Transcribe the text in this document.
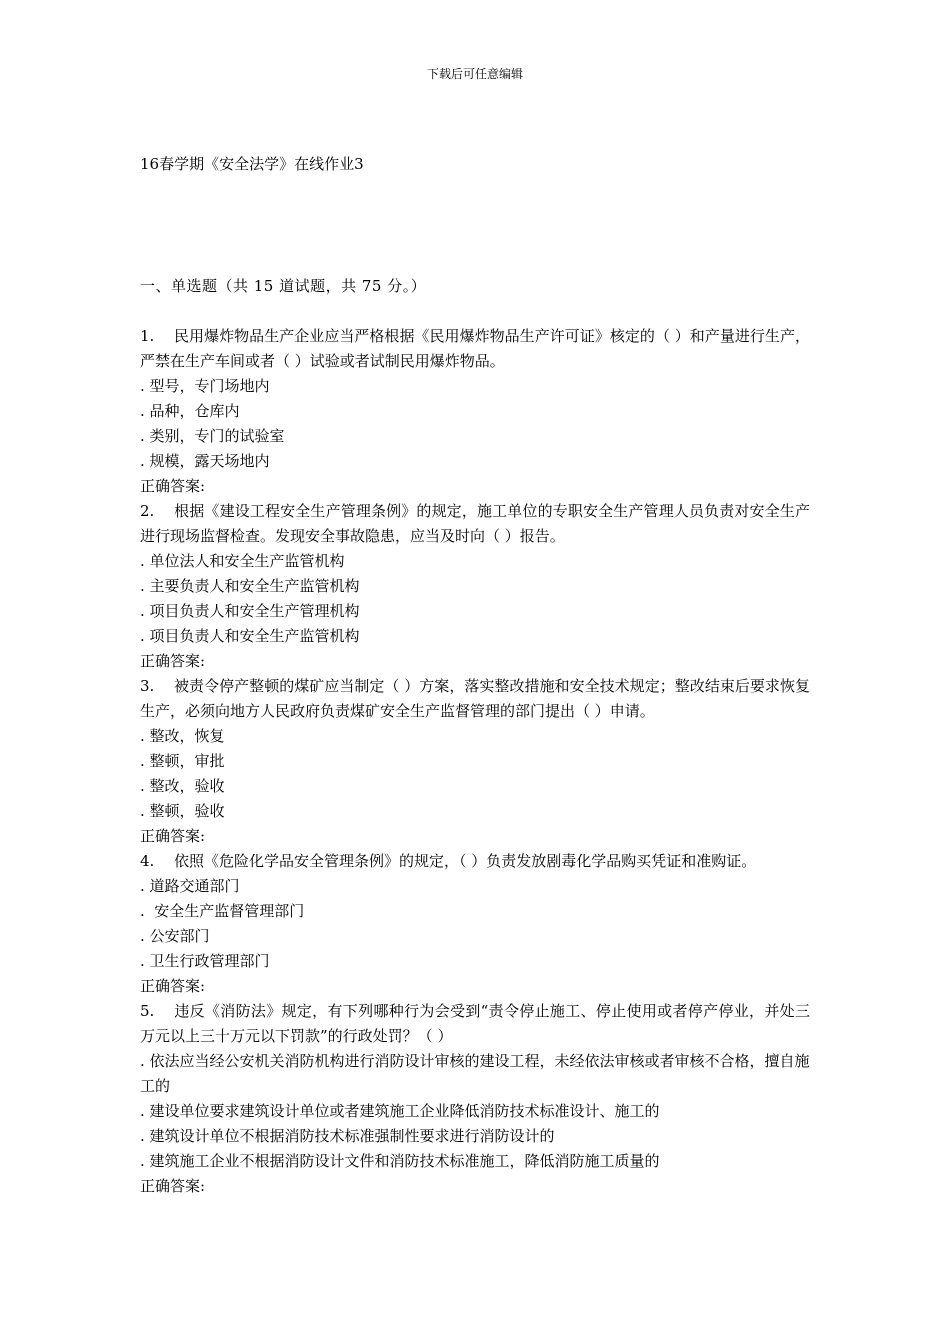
下载后可任意编辑
16春学期《安全法学》在线作业3
一、单选题（共 15 道试题，共 75 分。）
1. 民用爆炸物品生产企业应当严格根据《民用爆炸物品生产许可证》核定的（ ）和产量进行生产，严禁在生产车间或者（ ）试验或者试制民用爆炸物品。
. 型号，专门场地内
. 品种，仓库内
. 类别，专门的试验室
. 规模，露天场地内
正确答案:
2. 根据《建设工程安全生产管理条例》的规定，施工单位的专职安全生产管理人员负责对安全生产进行现场监督检查。发现安全事故隐患，应当及时向（ ）报告。
. 单位法人和安全生产监管机构
. 主要负责人和安全生产监管机构
. 项目负责人和安全生产管理机构
. 项目负责人和安全生产监管机构
正确答案:
3. 被责令停产整顿的煤矿应当制定（ ）方案，落实整改措施和安全技术规定；整改结束后要求恢复生产，必须向地方人民政府负责煤矿安全生产监督管理的部门提出（ ）申请。
. 整改，恢复
. 整顿，审批
. 整改，验收
. 整顿，验收
正确答案:
4. 依照《危险化学品安全管理条例》的规定，（ ）负责发放剧毒化学品购买凭证和准购证。
. 道路交通部门
.  安全生产监督管理部门
. 公安部门
. 卫生行政管理部门
正确答案:
5. 违反《消防法》规定，有下列哪种行为会受到“责令停止施工、停止使用或者停产停业，并处三万元以上三十万元以下罚款”的行政处罚？（ ）
. 依法应当经公安机关消防机构进行消防设计审核的建设工程，未经依法审核或者审核不合格，擅自施工的
. 建设单位要求建筑设计单位或者建筑施工企业降低消防技术标准设计、施工的
. 建筑设计单位不根据消防技术标准强制性要求进行消防设计的
. 建筑施工企业不根据消防设计文件和消防技术标准施工，降低消防施工质量的
正确答案:
